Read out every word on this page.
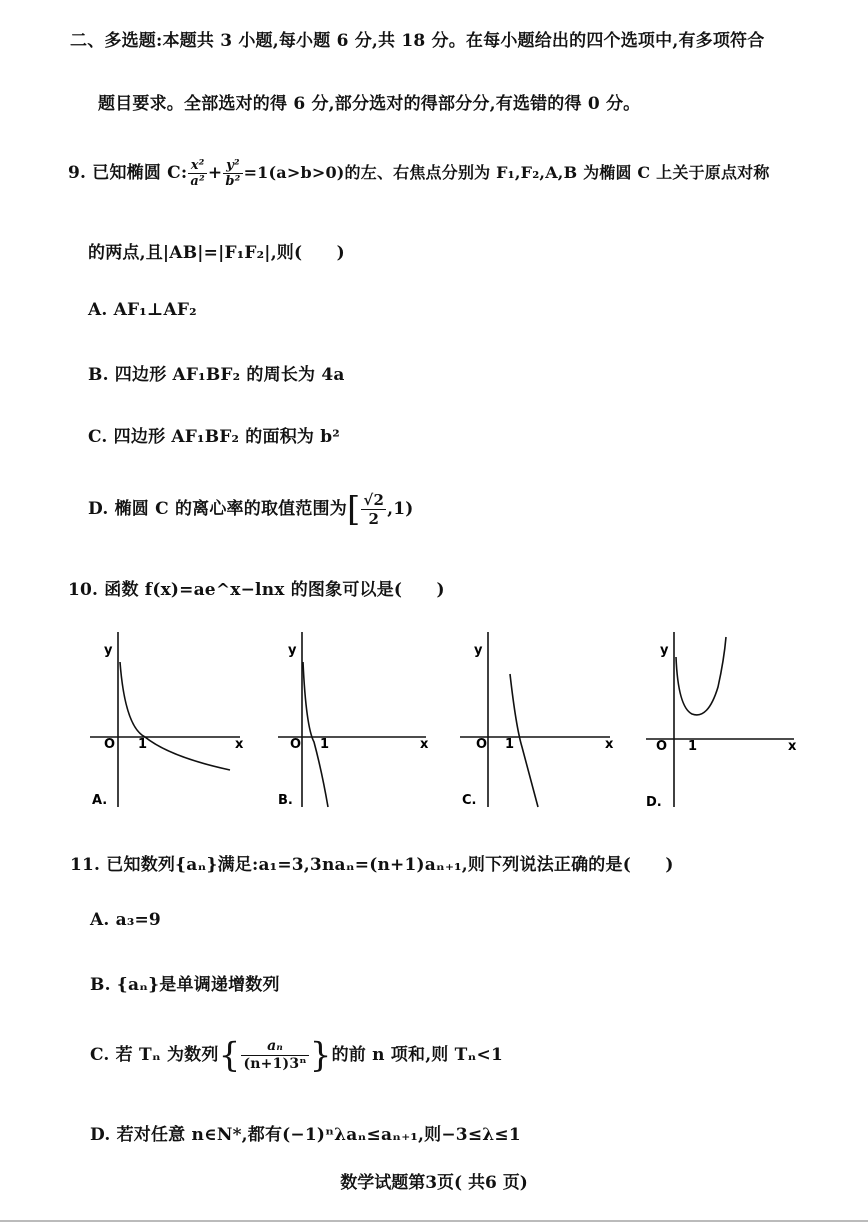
二、多选题:本题共 3 小题,每小题 6 分,共 18 分。在每小题给出的四个选项中,有多项符合
题目要求。全部选对的得 6 分,部分选对的得部分分,有选错的得 0 分。
9. 已知椭圆 C: $\frac{\text{x²}}{\text{a²}} + \frac{\text{y²}}{\text{b²}} =1(a>b>0)$的左、右焦点分别为 F₁,F₂,A,B 为椭圆 C 上关于原点对称
的两点,且|AB|=|F₁F₂|,则(　　)
A. AF₁⊥AF₂
B. 四边形 AF₁BF₂ 的周长为 4a
C. 四边形 AF₁BF₂ 的面积为 b²
D. 椭圆 C 的离心率的取值范围为[ $\frac{√2}{2} ,1$)
10. 函数 f(x)=ae^x−lnx 的图象可以是(　　)
y
O 1	x
A.
y
O 1	x
B.
y
O 1	x
C.
y
O 1	x
D.
11. 已知数列{aₙ}满足:a₁=3,3naₙ=(n+1)aₙ₊₁,则下列说法正确的是(　　)
A. a₃=9
B. {aₙ}是单调递增数列
C. 若 Tₙ 为数列{ $\frac{\text{aₙ}}{\text{(n+1)3ⁿ}}$ }的前 n 项和,则 Tₙ<1
D. 若对任意 n∈N*,都有(−1)ⁿλaₙ≤aₙ₊₁,则−3≤λ≤1
数学试题第3页( 共6 页)
